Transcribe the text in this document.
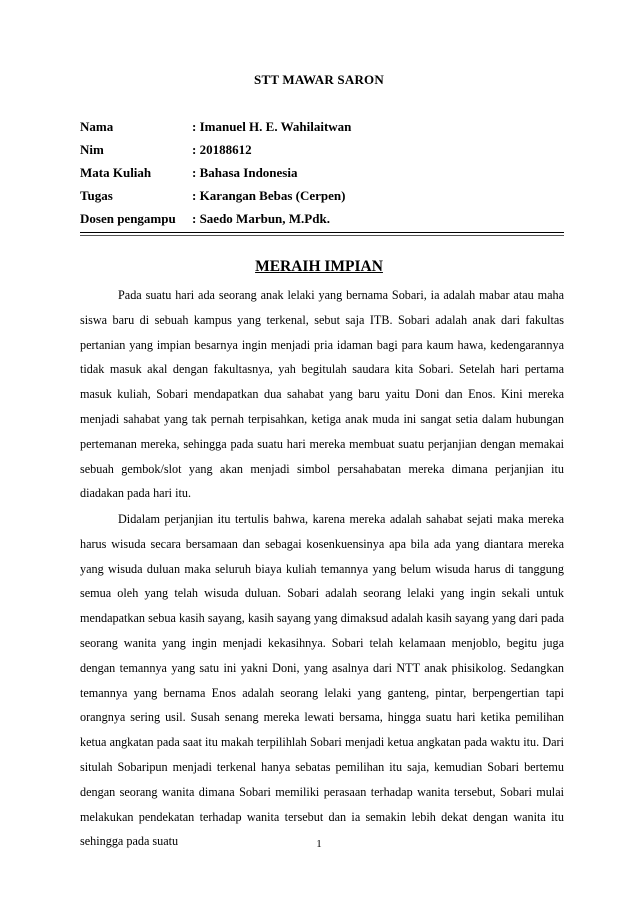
STT MAWAR SARON
Nama	: Imanuel H. E. Wahilaitwan
Nim	: 20188612
Mata Kuliah	: Bahasa Indonesia
Tugas	: Karangan Bebas (Cerpen)
Dosen pengampu	: Saedo Marbun, M.Pdk.
MERAIH IMPIAN

Pada suatu hari ada seorang anak lelaki yang bernama Sobari, ia adalah mabar atau maha siswa baru di sebuah kampus yang terkenal, sebut saja ITB. Sobari adalah anak dari fakultas pertanian yang impian besarnya ingin menjadi pria idaman bagi para kaum hawa, kedengarannya tidak masuk akal dengan fakultasnya, yah begitulah saudara kita Sobari. Setelah hari pertama masuk kuliah, Sobari mendapatkan dua sahabat yang baru yaitu Doni dan Enos. Kini mereka menjadi sahabat yang tak pernah terpisahkan, ketiga anak muda ini sangat setia dalam hubungan pertemanan mereka, sehingga pada suatu hari mereka membuat suatu perjanjian dengan memakai sebuah gembok/slot yang akan menjadi simbol persahabatan mereka dimana perjanjian itu diadakan pada hari itu.

Didalam perjanjian itu tertulis bahwa, karena mereka adalah sahabat sejati maka mereka harus wisuda secara bersamaan dan sebagai kosenkuensinya apa bila ada yang diantara mereka yang wisuda duluan maka seluruh biaya kuliah temannya yang belum wisuda harus di tanggung semua oleh yang telah wisuda duluan. Sobari adalah seorang lelaki yang ingin sekali untuk mendapatkan sebua kasih sayang, kasih sayang yang dimaksud adalah kasih sayang yang dari pada seorang wanita yang ingin menjadi kekasihnya. Sobari telah kelamaan menjoblo, begitu juga dengan temannya yang satu ini yakni Doni, yang asalnya dari NTT anak phisikolog. Sedangkan temannya yang bernama Enos adalah seorang lelaki yang ganteng, pintar, berpengertian tapi orangnya sering usil. Susah senang mereka lewati bersama, hingga suatu hari ketika pemilihan ketua angkatan pada saat itu makah terpilihlah Sobari menjadi ketua angkatan pada waktu itu. Dari situlah Sobaripun menjadi terkenal hanya sebatas pemilihan itu saja, kemudian Sobari bertemu dengan seorang wanita dimana Sobari memiliki perasaan terhadap wanita tersebut, Sobari mulai melakukan pendekatan terhadap wanita tersebut dan ia semakin lebih dekat dengan wanita itu sehingga pada suatu	1
